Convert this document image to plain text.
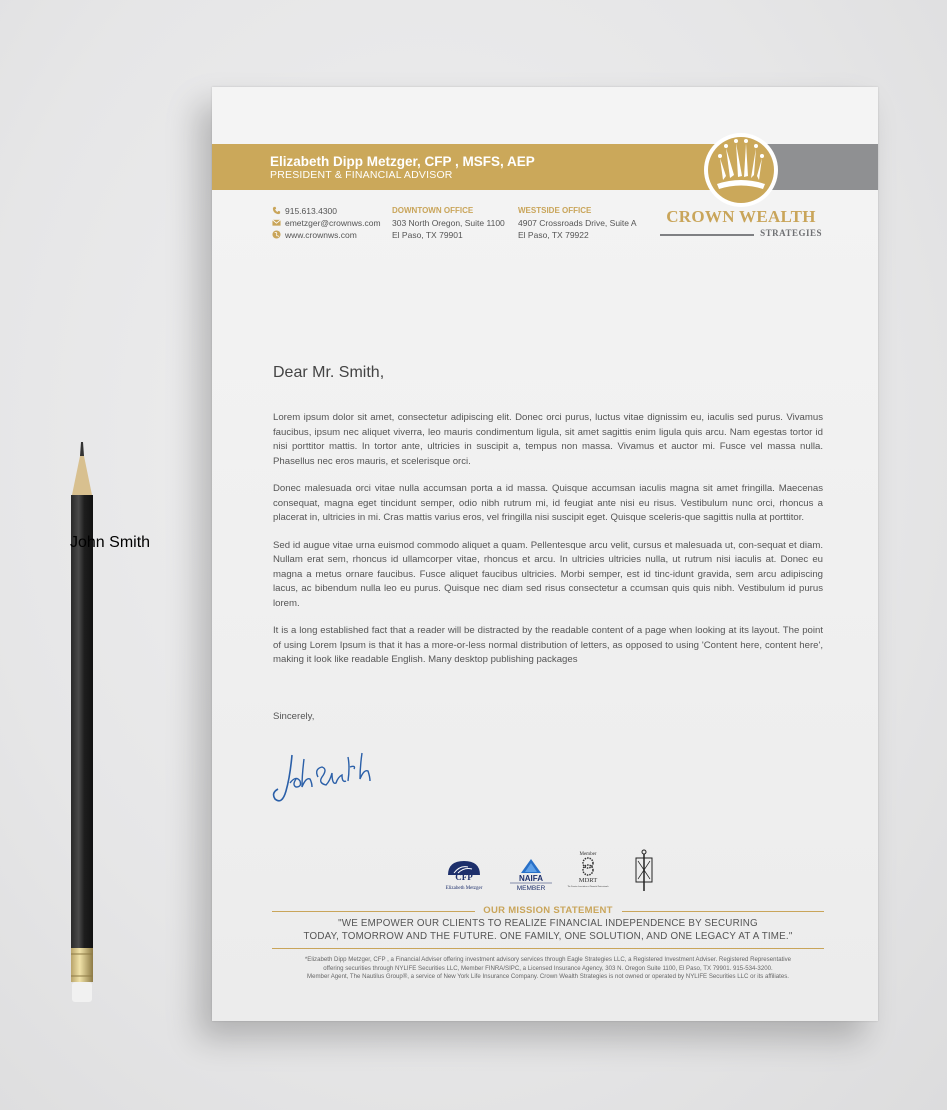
Elizabeth Dipp Metzger, CFP , MSFS, AEP
PRESIDENT & FINANCIAL ADVISOR
CROWN WEALTH
STRATEGIES
915.613.4300
emetzger@crownws.com
www.crownws.com
DOWNTOWN OFFICE
303 North Oregon, Suite 1100
El Paso, TX 79901
WESTSIDE OFFICE
4907 Crossroads Drive, Suite A
El Paso, TX 79922
Dear Mr. Smith,

Lorem ipsum dolor sit amet, consectetur adipiscing elit. Donec orci purus, luctus vitae dignissim eu, iaculis sed purus. Vivamus faucibus, ipsum nec aliquet viverra, leo mauris condimentum ligula, sit amet sagittis enim ligula quis arcu. Nam egestas tortor id nisi porttitor mattis. In tortor ante, ultricies in suscipit a, tempus non massa. Vivamus et auctor mi. Fusce vel massa nulla. Phasellus nec eros mauris, et scelerisque orci.

Donec malesuada orci vitae nulla accumsan porta a id massa. Quisque accumsan iaculis magna sit amet fringilla. Maecenas consequat, magna eget tincidunt semper, odio nibh rutrum mi, id feugiat ante nisi eu risus. Vestibulum nunc orci, rhoncus a placerat in, ultricies in mi. Cras mattis varius eros, vel fringilla nisi suscipit eget. Quisque sceleris-que sagittis nulla at porttitor.

Sed id augue vitae urna euismod commodo aliquet a quam. Pellentesque arcu velit, cursus et malesuada ut, con-sequat et diam. Nullam erat sem, rhoncus id ullamcorper vitae, rhoncus et arcu. In ultricies ultricies nulla, ut rutrum nisi iaculis at. Donec eu magna a metus ornare faucibus. Fusce aliquet faucibus ultricies. Morbi semper, est id tinc-idunt gravida, sem arcu adipiscing lacus, ac bibendum nulla leo eu purus. Quisque nec diam sed risus consectetur a ccumsan quis quis nibh. Vestibulum id purus lorem.

It is a long established fact that a reader will be distracted by the readable content of a page when looking at its layout. The point of using Lorem Ipsum is that it has a more-or-less normal distribution of letters, as opposed to using 'Content here, content here', making it look like readable English. Many desktop publishing packages

Sincerely,
John Smith
CFP
Elizabeth Metzger
NAIFA
MEMBER
Member
MDRT
The Premier Association of Financial Professionals
OUR MISSION STATEMENT
"WE EMPOWER OUR CLIENTS TO REALIZE FINANCIAL INDEPENDENCE BY SECURING
TODAY, TOMORROW AND THE FUTURE. ONE FAMILY, ONE SOLUTION, AND ONE LEGACY AT A TIME."
*Elizabeth Dipp Metzger, CFP , a Financial Adviser offering investment advisory services through Eagle Strategies LLC, a Registered Investment Adviser. Registered Representative
offering securities through NYLIFE Securities LLC, Member FINRA/SIPC, a Licensed Insurance Agency, 303 N. Oregon Suite 1100, El Paso, TX 79901. 915-534-3200.
Member Agent, The Nautilus Group®, a service of New York Life Insurance Company. Crown Wealth Strategies is not owned or operated by NYLIFE Securities LLC or its affiliates.
